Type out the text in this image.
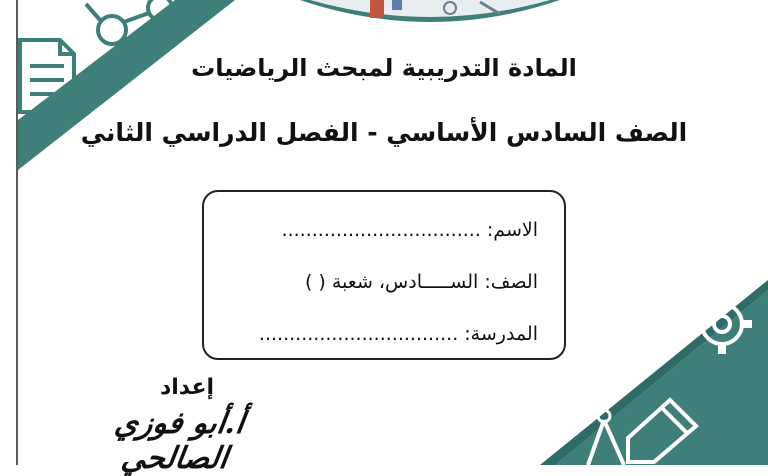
المادة التدريبية لمبحث الرياضيات
الصف السادس الأساسي - الفصل الدراسي الثاني
الاسم: .................................
الصف: الســـــادس، شعبة ( )
المدرسة: .................................
إعداد
أ.أبو فوزي الصالحي
